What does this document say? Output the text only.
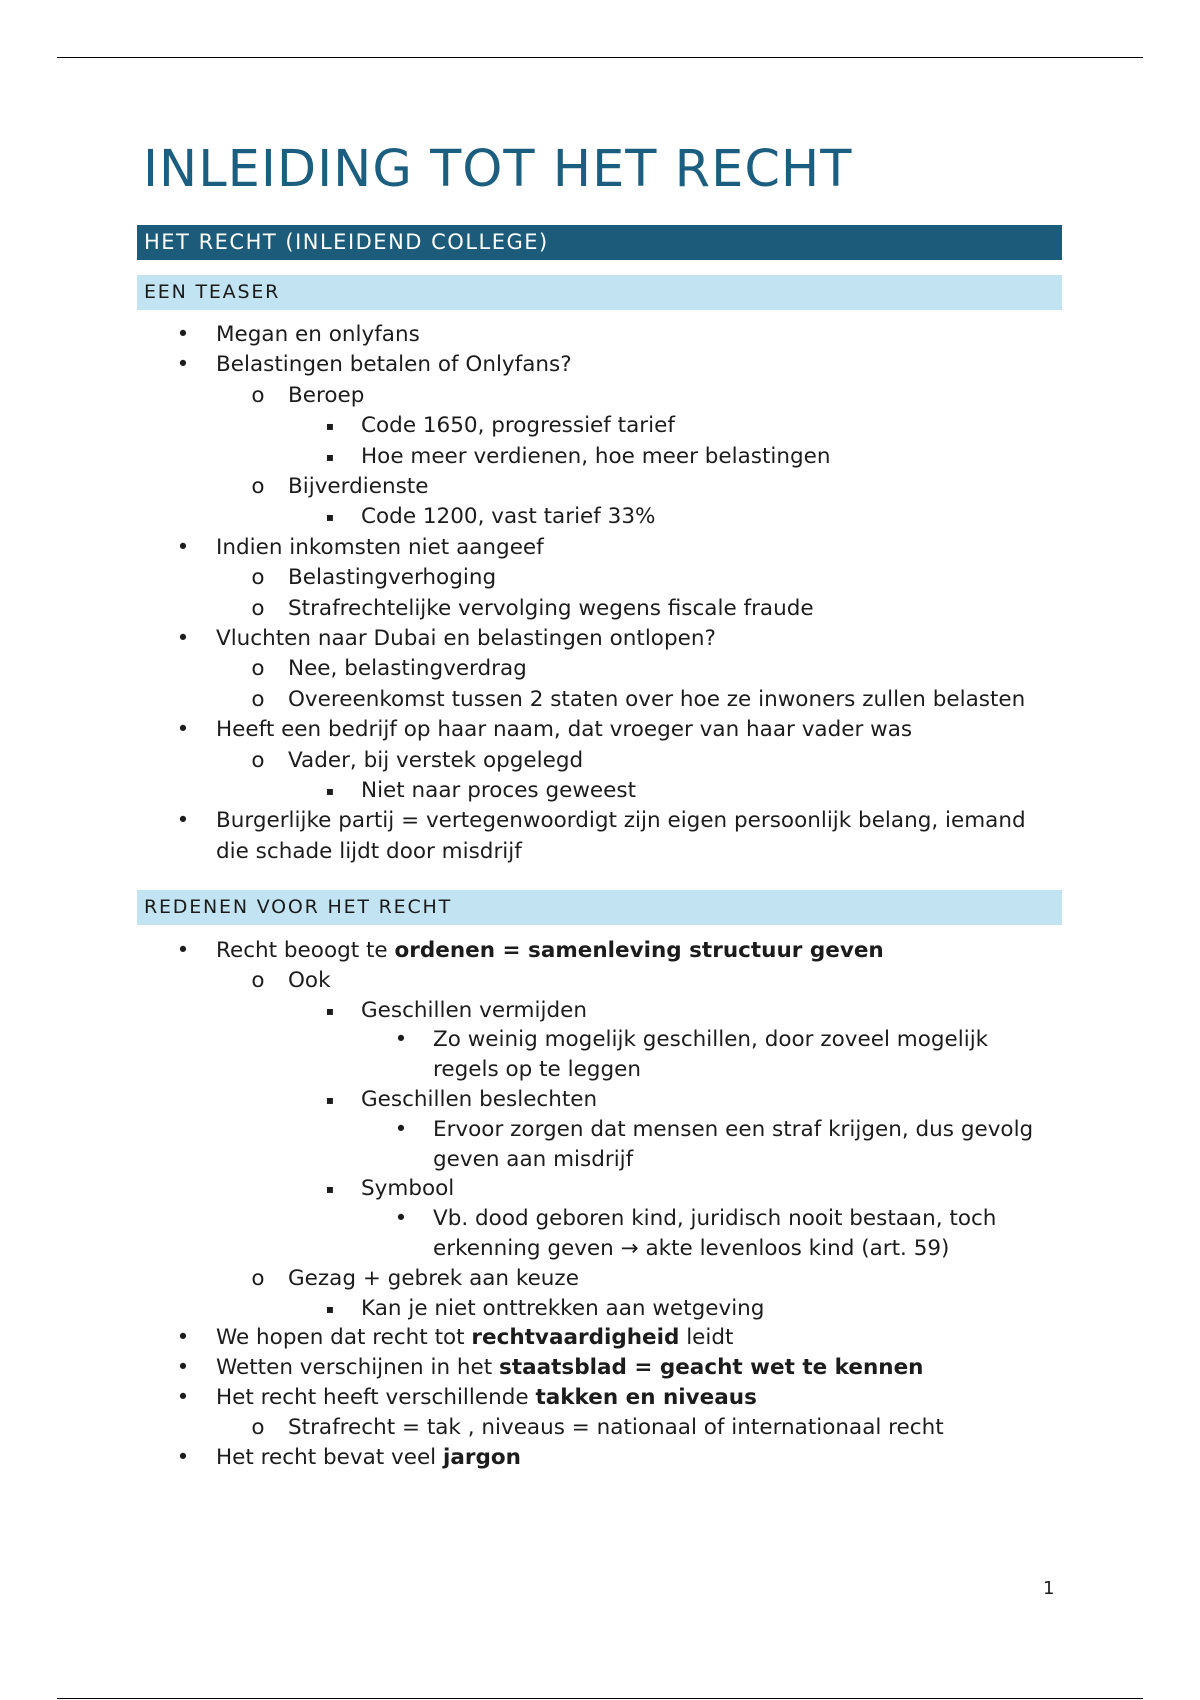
INLEIDING TOT HET RECHT
HET RECHT (INLEIDEND COLLEGE)
EEN TEASER
REDENEN VOOR HET RECHT
• Megan en onlyfans
• Belastingen betalen of Onlyfans?
o Beroep
▪ Code 1650, progressief tarief
▪ Hoe meer verdienen, hoe meer belastingen
o Bijverdienste
▪ Code 1200, vast tarief 33%
• Indien inkomsten niet aangeef
o Belastingverhoging
o Strafrechtelijke vervolging wegens fiscale fraude
• Vluchten naar Dubai en belastingen ontlopen?
o Nee, belastingverdrag
o Overeenkomst tussen 2 staten over hoe ze inwoners zullen belasten
• Heeft een bedrijf op haar naam, dat vroeger van haar vader was
o Vader, bij verstek opgelegd
▪ Niet naar proces geweest
• Burgerlijke partij = vertegenwoordigt zijn eigen persoonlijk belang, iemand
die schade lijdt door misdrijf
• Recht beoogt te ordenen = samenleving structuur geven
o Ook
▪ Geschillen vermijden
• Zo weinig mogelijk geschillen, door zoveel mogelijk
regels op te leggen
▪ Geschillen beslechten
• Ervoor zorgen dat mensen een straf krijgen, dus gevolg
geven aan misdrijf
▪ Symbool
• Vb. dood geboren kind, juridisch nooit bestaan, toch
erkenning geven → akte levenloos kind (art. 59)
o Gezag + gebrek aan keuze
▪ Kan je niet onttrekken aan wetgeving
• We hopen dat recht tot rechtvaardigheid leidt
• Wetten verschijnen in het staatsblad = geacht wet te kennen
• Het recht heeft verschillende takken en niveaus
o Strafrecht = tak , niveaus = nationaal of internationaal recht
• Het recht bevat veel jargon
1
